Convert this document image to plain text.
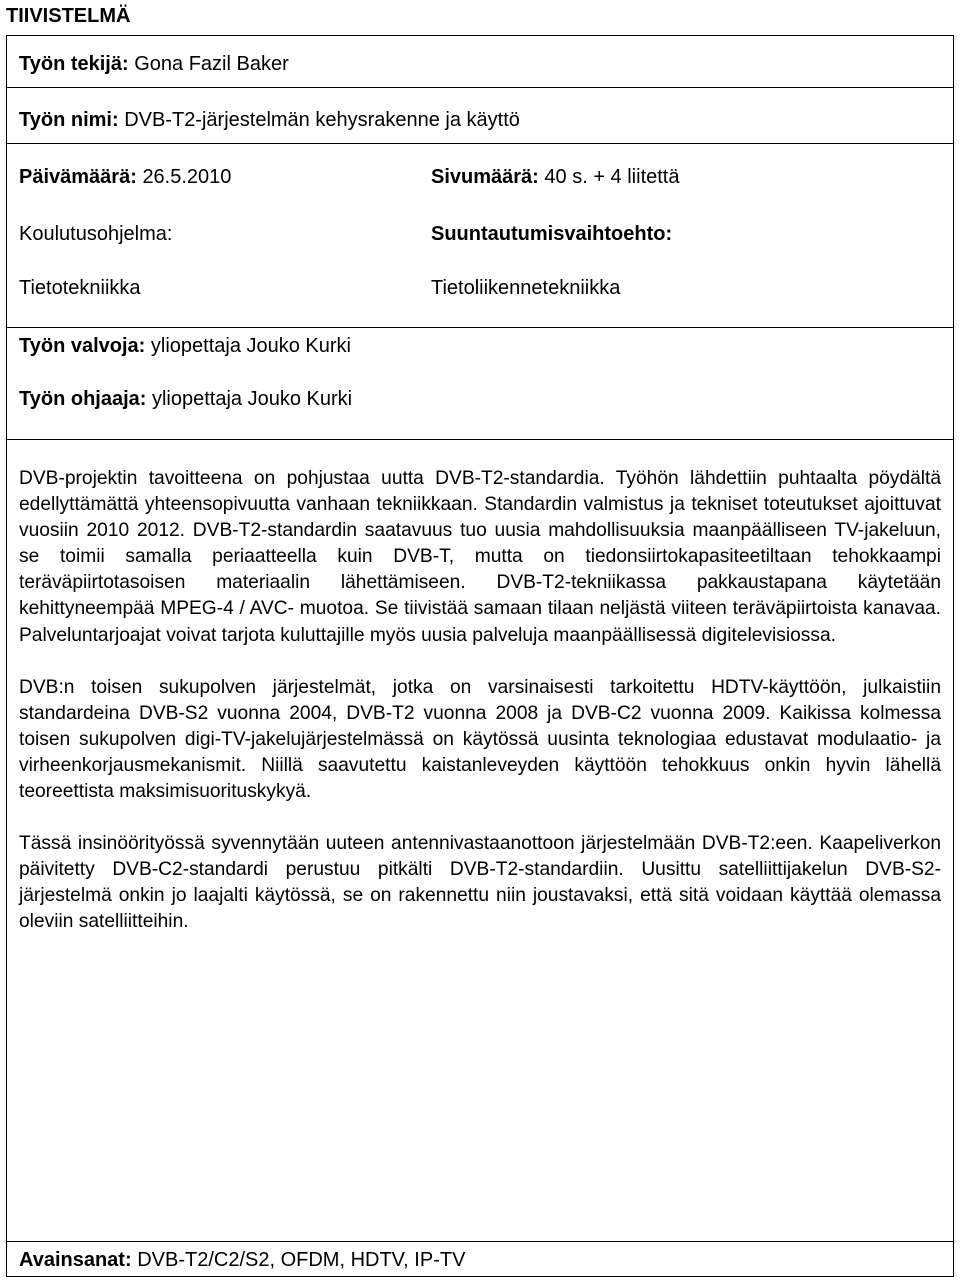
TIIVISTELMÄ
Työn tekijä: Gona Fazil Baker
Työn nimi: DVB-T2-järjestelmän kehysrakenne ja käyttö
Päivämäärä: 26.5.2010	Sivumäärä: 40 s. + 4 liitettä
Koulutusohjelma:	Suuntautumisvaihtoehto:
Tietotekniikka	Tietoliikennetekniikka
Työn valvoja: yliopettaja Jouko Kurki
Työn ohjaaja: yliopettaja Jouko Kurki

DVB-projektin tavoitteena on pohjustaa uutta DVB-T2-standardia. Työhön lähdettiin puhtaalta pöydältä edellyttämättä yhteensopivuutta vanhaan tekniikkaan. Standardin valmistus ja tekniset toteutukset ajoittuvat vuosiin 2010 2012. DVB-T2-standardin saatavuus tuo uusia mahdollisuuksia maanpäälliseen TV-jakeluun, se toimii samalla periaatteella kuin DVB-T, mutta on tiedonsiirtokapasiteetiltaan tehokkaampi teräväpiirtotasoisen materiaalin lähettämiseen. DVB-T2-tekniikassa pakkaustapana käytetään kehittyneempää MPEG-4 / AVC- muotoa. Se tiivistää samaan tilaan neljästä viiteen teräväpiirtoista kanavaa. Palveluntarjoajat voivat tarjota kuluttajille myös uusia palveluja maanpäällisessä digitelevisiossa.

DVB:n toisen sukupolven järjestelmät, jotka on varsinaisesti tarkoitettu HDTV-käyttöön, julkaistiin standardeina DVB-S2 vuonna 2004, DVB-T2 vuonna 2008 ja DVB-C2 vuonna 2009. Kaikissa kolmessa toisen sukupolven digi-TV-jakelujärjestelmässä on käytössä uusinta teknologiaa edustavat modulaatio- ja virheenkorjausmekanismit. Niillä saavutettu kaistanleveyden käyttöön tehokkuus onkin hyvin lähellä teoreettista maksimisuorituskykyä.

Tässä insinöörityössä syvennytään uuteen antennivastaanottoon järjestelmään DVB-T2:een. Kaapeliverkon päivitetty DVB-C2-standardi perustuu pitkälti DVB-T2-standardiin. Uusittu satelliittijakelun DVB-S2-järjestelmä onkin jo laajalti käytössä, se on rakennettu niin joustavaksi, että sitä voidaan käyttää olemassa oleviin satelliitteihin.

Avainsanat: DVB-T2/C2/S2, OFDM, HDTV, IP-TV
